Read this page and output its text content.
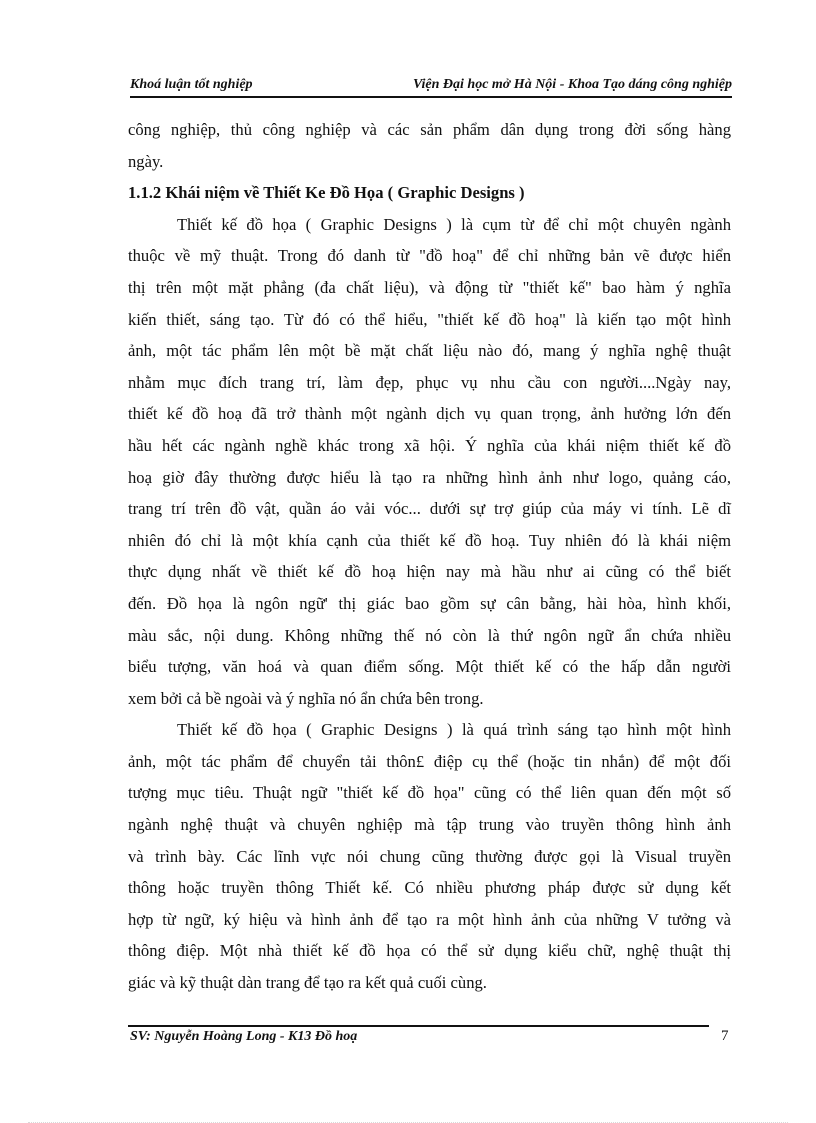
Khoá luận tốt nghiệp	Viện Đại học mở Hà Nội - Khoa Tạo dáng công nghiệp

công nghiệp, thủ công nghiệp và các sản phẩm dân dụng trong đời sống hàng
ngày.

1.1.2 Khái niệm về Thiết Ke Đồ Họa ( Graphic Designs )

Thiết kế đồ họa ( Graphic Designs ) là cụm từ để chỉ một chuyên ngành
thuộc về mỹ thuật. Trong đó danh từ "đồ hoạ" để chỉ những bản vẽ được hiển
thị trên một mặt phẳng (đa chất liệu), và động từ "thiết kế" bao hàm ý nghĩa
kiến thiết, sáng tạo. Từ đó có thể hiểu, "thiết kế đồ hoạ" là kiến tạo một hình
ảnh, một tác phẩm lên một bề mặt chất liệu nào đó, mang ý nghĩa nghệ thuật
nhằm mục đích trang trí, làm đẹp, phục vụ nhu cầu con người....Ngày nay,
thiết kế đồ hoạ đã trở thành một ngành dịch vụ quan trọng, ảnh hưởng lớn đến
hầu hết các ngành nghề khác trong xã hội. Ý nghĩa của khái niệm thiết kế đồ
hoạ giờ đây thường được hiểu là tạo ra những hình ảnh như logo, quảng cáo,
trang trí trên đồ vật, quần áo vải vóc... dưới sự trợ giúp của máy vi tính. Lẽ dĩ
nhiên đó chỉ là một khía cạnh của thiết kế đồ hoạ. Tuy nhiên đó là khái niệm
thực dụng nhất về thiết kế đồ hoạ hiện nay mà hầu như ai cũng có thể biết
đến. Đồ họa là ngôn ngữ' thị giác bao gồm sự cân bằng, hài hòa, hình khối,
màu sắc, nội dung. Không những thế nó còn là thứ ngôn ngữ ẩn chứa nhiều
biểu tượng, văn hoá và quan điểm sống. Một thiết kế có the hấp dẫn người
xem bởi cả bề ngoài và ý nghĩa nó ẩn chứa bên trong.

Thiết kế đồ họa ( Graphic Designs ) là quá trình sáng tạo hình một hình
ảnh, một tác phẩm để chuyển tải thôn£ điệp cụ thể (hoặc tin nhắn) để một đối
tượng mục tiêu. Thuật ngữ "thiết kế đồ họa" cũng có thể liên quan đến một số
ngành nghệ thuật và chuyên nghiệp mà tập trung vào truyền thông hình ảnh
và trình bày. Các lĩnh vực nói chung cũng thường được gọi là Visual truyền
thông hoặc truyền thông Thiết kế. Có nhiều phương pháp được sử dụng kết
hợp từ ngữ, ký hiệu và hình ảnh để tạo ra một hình ảnh của những V tưởng và
thông điệp. Một nhà thiết kế đồ họa có thể sử dụng kiểu chữ, nghệ thuật thị
giác và kỹ thuật dàn trang để tạo ra kết quả cuối cùng.

SV: Nguyễn Hoàng Long - K13 Đồ hoạ	7
